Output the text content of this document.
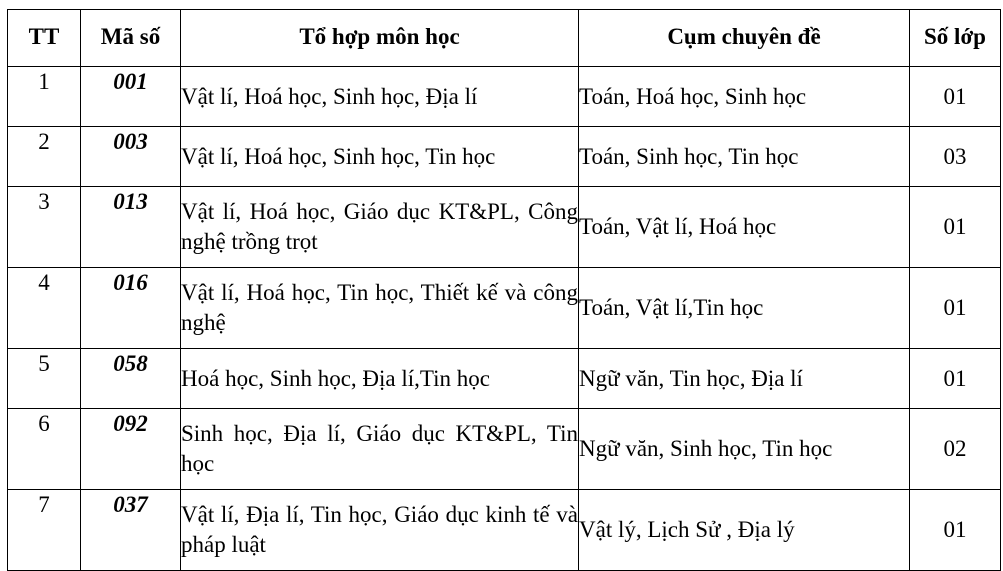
TT	Mã số	Tổ hợp môn học	Cụm chuyên đề	Số lớp
1	001	Vật lí, Hoá học, Sinh học, Địa lí	Toán, Hoá học, Sinh học	01
2	003	Vật lí, Hoá học, Sinh học, Tin học	Toán, Sinh học, Tin học	03
3	013	Vật lí, Hoá học, Giáo dục KT&PL, Công nghệ trồng trọt	Toán, Vật lí, Hoá học	01
4	016	Vật lí, Hoá học, Tin học, Thiết kế và công nghệ	Toán, Vật lí,Tin học	01
5	058	Hoá học, Sinh học, Địa lí,Tin học	Ngữ văn, Tin học, Địa lí	01
6	092	Sinh học, Địa lí, Giáo dục KT&PL, Tin học	Ngữ văn, Sinh học, Tin học	02
7	037	Vật lí, Địa lí, Tin học, Giáo dục kinh tế và pháp luật	Vật lý, Lịch Sử , Địa lý	01
